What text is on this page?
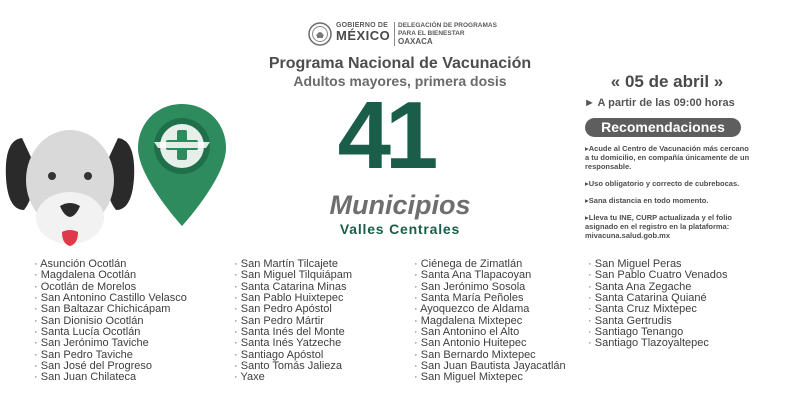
GOBIERNO DE
MÉXICO
DELEGACIÓN DE PROGRAMAS
PARA EL BIENESTAR
OAXACA
Programa Nacional de Vacunación
Adultos mayores, primera dosis
41
Municipios
Valles Centrales
« 05 de abril »
► A partir de las 09:00 horas
Recomendaciones
▸Acude al Centro de Vacunación más cercano a tu domicilio, en compañía únicamente de un responsable.
▸Uso obligatorio y correcto de cubrebocas.
▸Sana distancia en todo momento.
▸Lleva tu INE, CURP actualizada y el folio asignado en el registro en la plataforma: mivacuna.salud.gob.mx
· Asunción Ocotlán
· Magdalena Ocotlán
· Ocotlán de Morelos
· San Antonino Castillo Velasco
· San Baltazar Chichicápam
· San Dionisio Ocotlán
· Santa Lucía Ocotlán
· San Jerónimo Taviche
· San Pedro Taviche
· San José del Progreso
· San Juan Chilateca
· San Martín Tilcajete
· San Miguel Tilquiápam
· Santa Catarina Minas
· San Pablo Huixtepec
· San Pedro Apóstol
· San Pedro Mártir
· Santa Inés del Monte
· Santa Inés Yatzeche
· Santiago Apóstol
· Santo Tomás Jalieza
· Yaxe
· Ciénega de Zimatlán
· Santa Ana Tlapacoyan
· San Jerónimo Sosola
· Santa María Peñoles
· Ayoquezco de Aldama
· Magdalena Mixtepec
· San Antonino el Alto
· San Antonio Huitepec
· San Bernardo Mixtepec
· San Juan Bautista Jayacatlán
· San Miguel Mixtepec
· San Miguel Peras
· San Pablo Cuatro Venados
· Santa Ana Zegache
· Santa Catarina Quiané
· Santa Cruz Mixtepec
· Santa Gertrudis
· Santiago Tenango
· Santiago Tlazoyaltepec
